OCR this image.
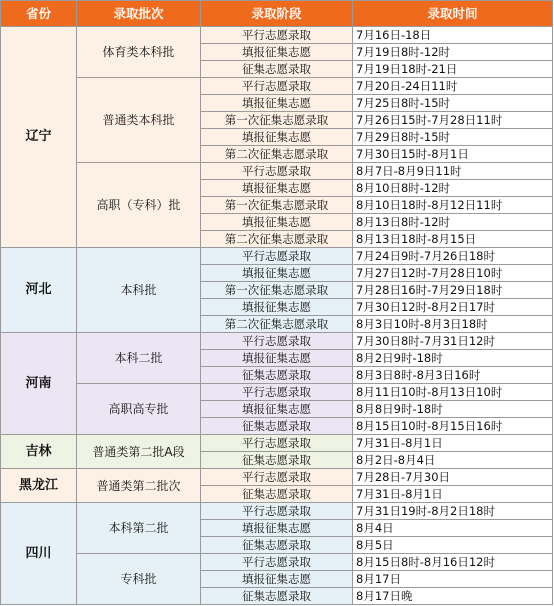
省份	录取批次	录取阶段	录取时间
辽宁	体育类本科批	平行志愿录取	7月16日-18日
		填报征集志愿	7月19日8时-12时
		征集志愿录取	7月19日18时-21日
	普通类本科批	平行志愿录取	7月20日-24日11时
		填报征集志愿	7月25日8时-15时
		第一次征集志愿录取	7月26日15时-7月28日11时
		填报征集志愿	7月29日8时-15时
		第二次征集志愿录取	7月30日15时-8月1日
	高职（专科）批	平行志愿录取	8月7日-8月9日11时
		填报征集志愿	8月10日8时-12时
		第一次征集志愿录取	8月10日18时-8月12日11时
		填报征集志愿	8月13日8时-12时
		第二次征集志愿录取	8月13日18时-8月15日
河北	本科批	平行志愿录取	7月24日9时-7月26日18时
		填报征集志愿	7月27日12时-7月28日10时
		第一次征集志愿录取	7月28日16时-7月29日18时
		填报征集志愿	7月30日12时-8月2日17时
		第二次征集志愿录取	8月3日10时-8月3日18时
河南	本科二批	平行志愿录取	7月30日8时-7月31日12时
		填报征集志愿	8月2日9时-18时
		征集志愿录取	8月3日8时-8月3日16时
	高职高专批	平行志愿录取	8月11日10时-8月13日10时
		填报征集志愿	8月8日9时-18时
		征集志愿录取	8月15日10时-8月15日16时
吉林	普通类第二批A段	平行志愿录取	7月31日-8月1日
		征集志愿录取	8月2日-8月4日
黑龙江	普通类第二批次	平行志愿录取	7月28日-7月30日
		征集志愿录取	7月31日-8月1日
四川	本科第二批	平行志愿录取	7月31日19时-8月2日18时
		填报征集志愿	8月4日
		征集志愿录取	8月5日
	专科批	平行志愿录取	8月15日8时-8月16日12时
		填报征集志愿	8月17日
		征集志愿录取	8月17日晚
